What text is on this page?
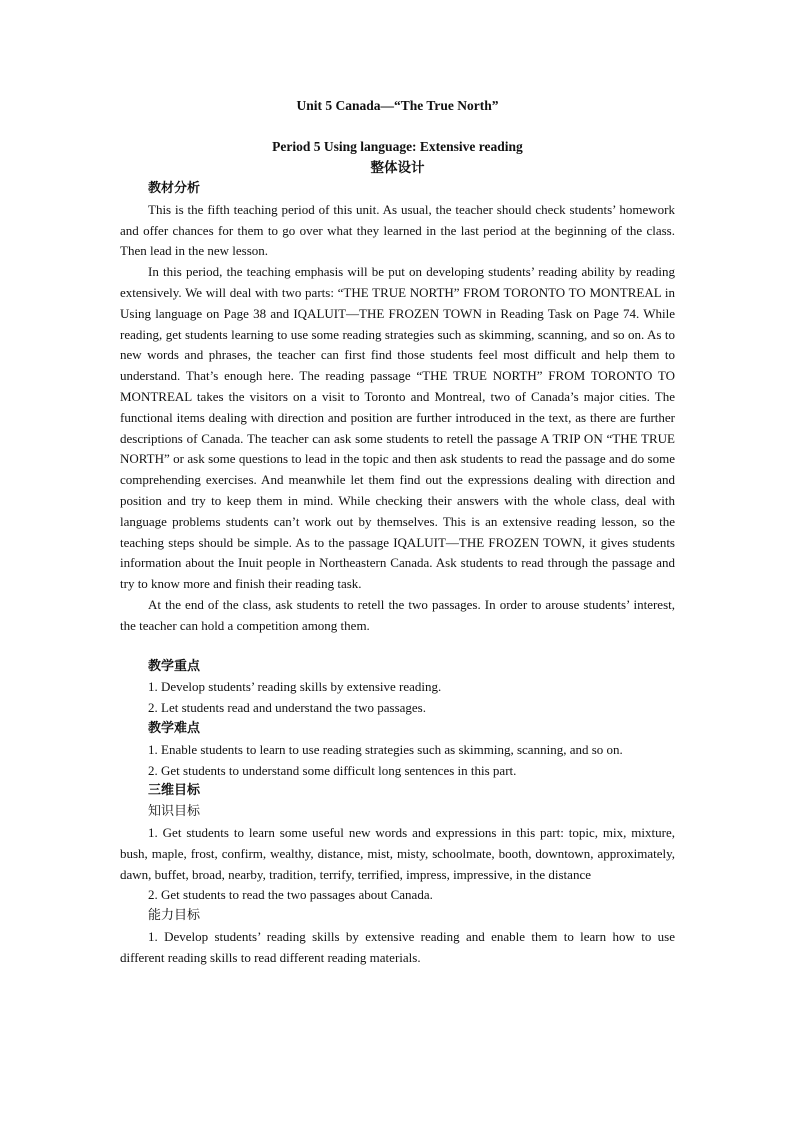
Unit 5 Canada—“The True North”
Period 5 Using language: Extensive reading
整体设计
教材分析

This is the fifth teaching period of this unit. As usual, the teacher should check students’ homework and offer chances for them to go over what they learned in the last period at the beginning of the class. Then lead in the new lesson.

In this period, the teaching emphasis will be put on developing students’ reading ability by reading extensively. We will deal with two parts: “THE TRUE NORTH” FROM TORONTO TO MONTREAL in Using language on Page 38 and IQALUIT—THE FROZEN TOWN in Reading Task on Page 74. While reading, get students learning to use some reading strategies such as skimming, scanning, and so on. As to new words and phrases, the teacher can first find those students feel most difficult and help them to understand. That’s enough here. The reading passage “THE TRUE NORTH” FROM TORONTO TO MONTREAL takes the visitors on a visit to Toronto and Montreal, two of Canada’s major cities. The functional items dealing with direction and position are further introduced in the text, as there are further descriptions of Canada. The teacher can ask some students to retell the passage A TRIP ON “THE TRUE NORTH” or ask some questions to lead in the topic and then ask students to read the passage and do some comprehending exercises. And meanwhile let them find out the expressions dealing with direction and position and try to keep them in mind. While checking their answers with the whole class, deal with language problems students can’t work out by themselves. This is an extensive reading lesson, so the teaching steps should be simple. As to the passage IQALUIT—THE FROZEN TOWN, it gives students information about the Inuit people in Northeastern Canada. Ask students to read through the passage and try to know more and finish their reading task.

At the end of the class, ask students to retell the two passages. In order to arouse students’ interest, the teacher can hold a competition among them.

教学重点

1. Develop students’ reading skills by extensive reading.

2. Let students read and understand the two passages.

教学难点

1. Enable students to learn to use reading strategies such as skimming, scanning, and so on.

2. Get students to understand some difficult long sentences in this part.

三维目标
知识目标

1. Get students to learn some useful new words and expressions in this part: topic, mix, mixture, bush, maple, frost, confirm, wealthy, distance, mist, misty, schoolmate, booth, downtown, approximately, dawn, buffet, broad, nearby, tradition, terrify, terrified, impress, impressive, in the distance

2. Get students to read the two passages about Canada.

能力目标

1. Develop students’ reading skills by extensive reading and enable them to learn how to use different reading skills to read different reading materials.
